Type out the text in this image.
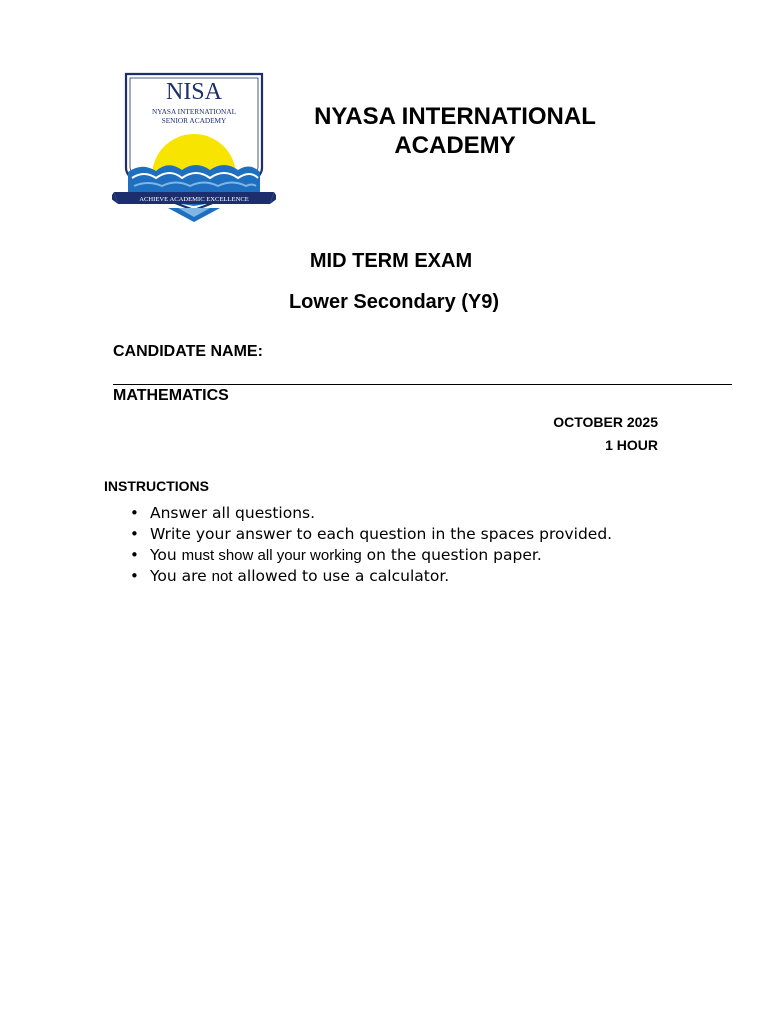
NISA
NYASA INTERNATIONAL
SENIOR ACADEMY
ACHIEVE ACADEMIC EXCELLENCE
NYASA INTERNATIONAL
ACADEMY
MID TERM EXAM
Lower Secondary (Y9)
CANDIDATE NAME:
MATHEMATICS
OCTOBER 2025
1 HOUR
INSTRUCTIONS
• Answer all questions.
• Write your answer to each question in the spaces provided.
• You must show all your working on the question paper.
• You are not allowed to use a calculator.
